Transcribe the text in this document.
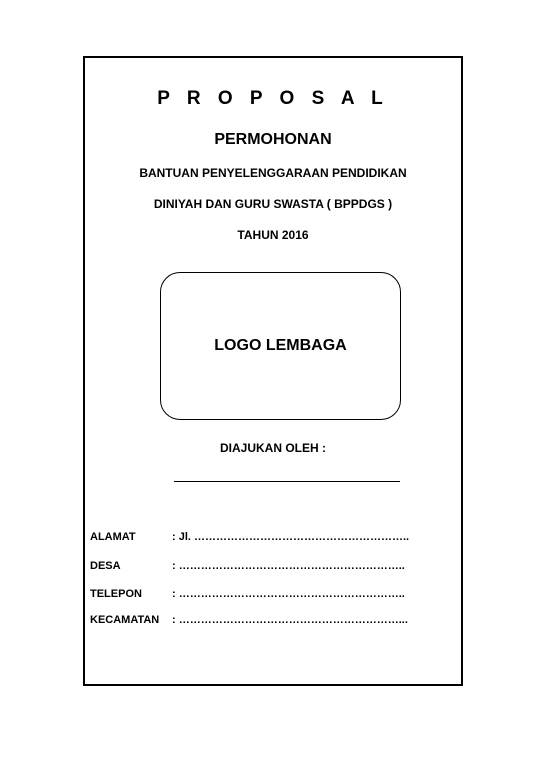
P R O P O S A L
PERMOHONAN
BANTUAN PENYELENGGARAAN PENDIDIKAN
DINIYAH DAN GURU SWASTA ( BPPDGS )
TAHUN 2016
LOGO LEMBAGA
DIAJUKAN OLEH :
ALAMAT	: Jl. …………………………………………………..
DESA	: ……………………………………………………..
TELEPON	: ……………………………………………………..
KECAMATAN : ……………………………………………………...
